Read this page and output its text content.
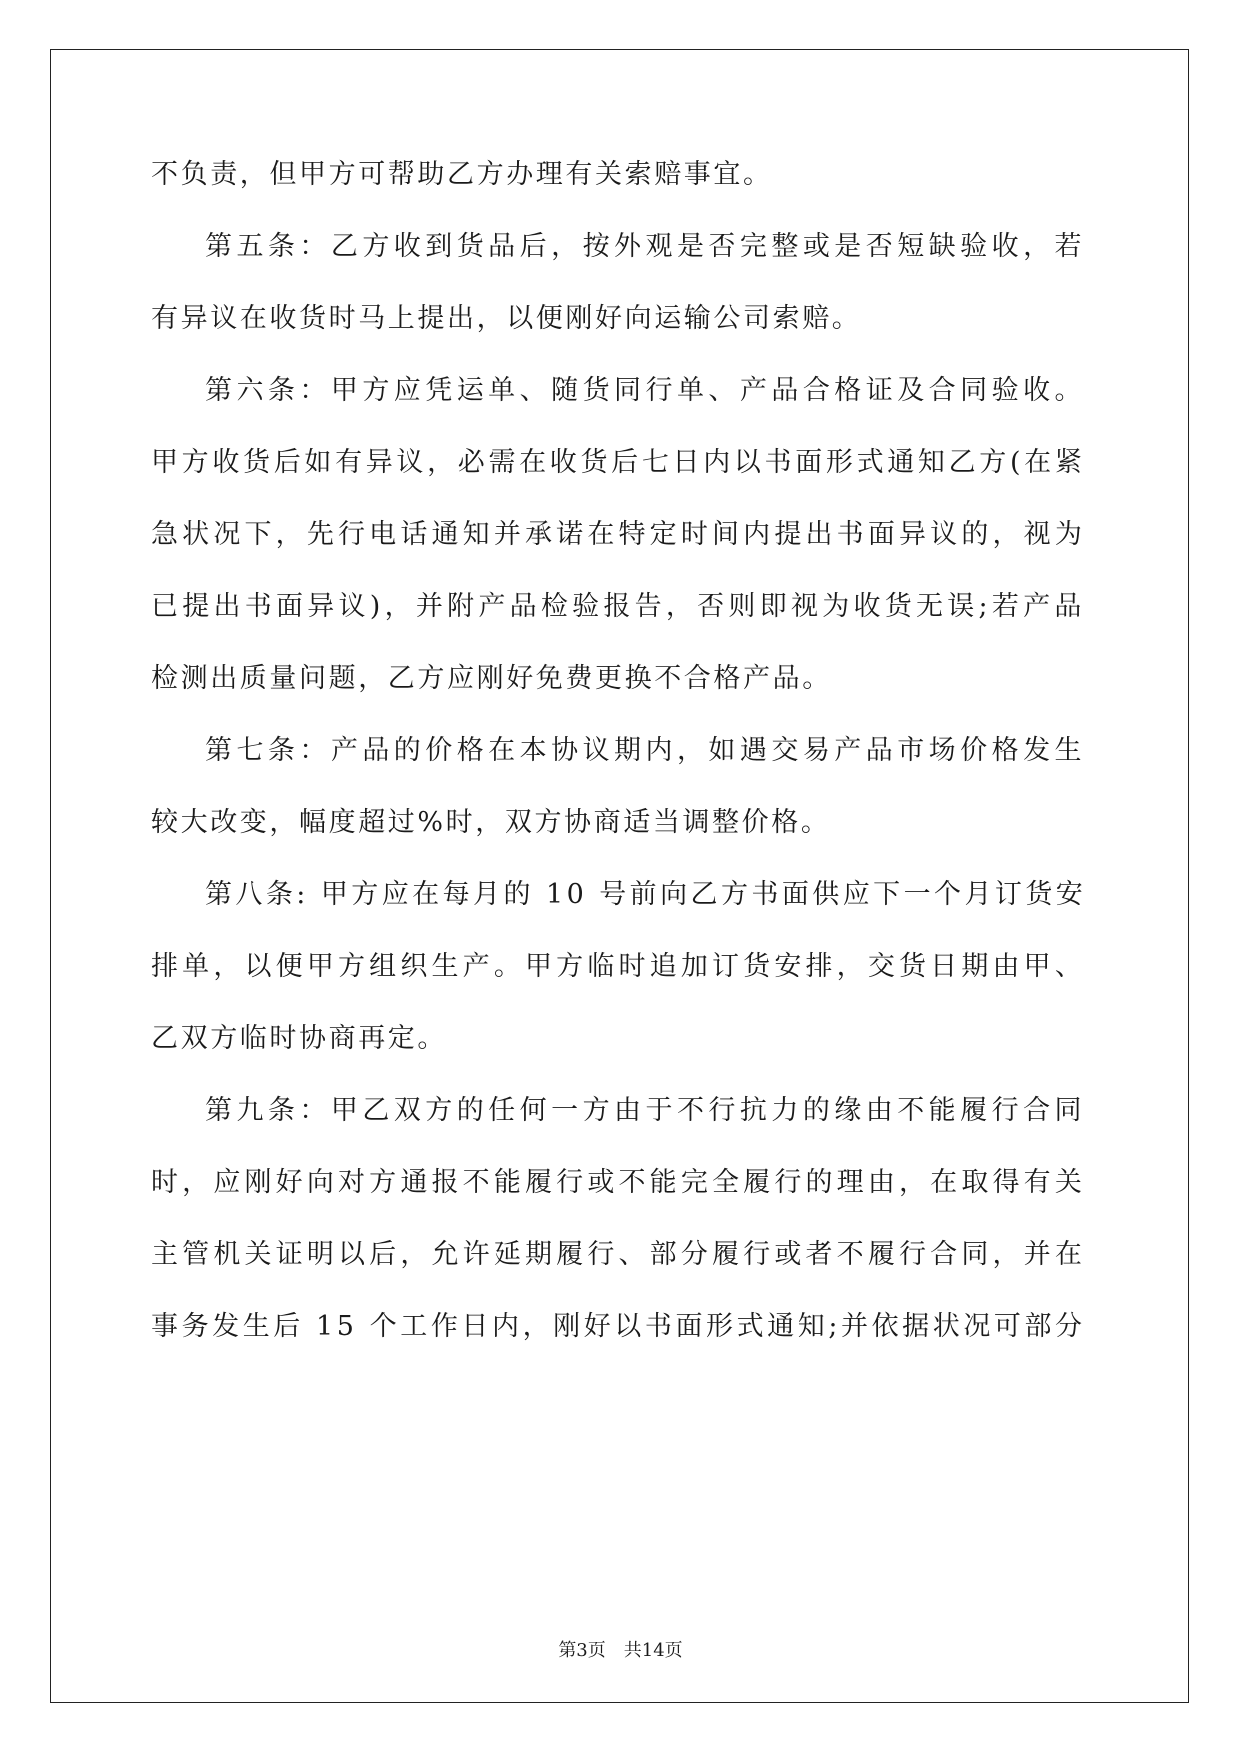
不负责，但甲方可帮助乙方办理有关索赔事宜。
第五条：乙方收到货品后，按外观是否完整或是否短缺验收，若
有异议在收货时马上提出，以便刚好向运输公司索赔。
第六条：甲方应凭运单、随货同行单、产品合格证及合同验收。
甲方收货后如有异议，必需在收货后七日内以书面形式通知乙方(在紧
急状况下，先行电话通知并承诺在特定时间内提出书面异议的，视为
已提出书面异议)，并附产品检验报告，否则即视为收货无误;若产品
检测出质量问题，乙方应刚好免费更换不合格产品。
第七条：产品的价格在本协议期内，如遇交易产品市场价格发生
较大改变，幅度超过%时，双方协商适当调整价格。
第八条: 甲方应在每月的 10 号前向乙方书面供应下一个月订货安
排单，以便甲方组织生产。甲方临时追加订货安排，交货日期由甲、
乙双方临时协商再定。
第九条：甲乙双方的任何一方由于不行抗力的缘由不能履行合同
时，应刚好向对方通报不能履行或不能完全履行的理由，在取得有关
主管机关证明以后，允许延期履行、部分履行或者不履行合同，并在
事务发生后 15 个工作日内，刚好以书面形式通知;并依据状况可部分
第3页　共14页
